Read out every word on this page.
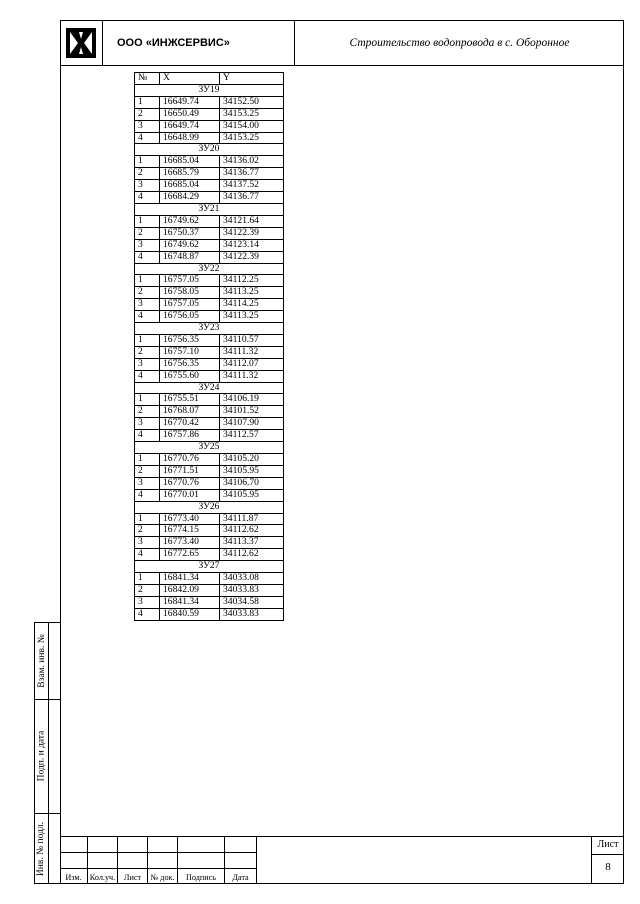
ООО «ИНЖСЕРВИС»	Строительство водопровода в с. Оборонное
№	X	Y
ЗУ19		
1	16649.74	34152.50
2	16650.49	34153.25
3	16649.74	34154.00
4	16648.99	34153.25
ЗУ20		
1	16685.04	34136.02
2	16685.79	34136.77
3	16685.04	34137.52
4	16684.29	34136.77
ЗУ21		
1	16749.62	34121.64
2	16750.37	34122.39
3	16749.62	34123.14
4	16748.87	34122.39
ЗУ22		
1	16757.05	34112.25
2	16758.05	34113.25
3	16757.05	34114.25
4	16756.05	34113.25
ЗУ23		
1	16756.35	34110.57
2	16757.10	34111.32
3	16756.35	34112.07
4	16755.60	34111.32
ЗУ24		
1	16755.51	34106.19
2	16768.07	34101.52
3	16770.42	34107.90
4	16757.86	34112.57
ЗУ25		
1	16770.76	34105.20
2	16771.51	34105.95
3	16770.76	34106.70
4	16770.01	34105.95
ЗУ26		
1	16773.40	34111.87
2	16774.15	34112.62
3	16773.40	34113.37
4	16772.65	34112.62
ЗУ27		
1	16841.34	34033.08
2	16842.09	34033.83
3	16841.34	34034.58
4	16840.59	34033.83
Взам. инв. №
Подп. и дата
Инв. № подл.
Изм. Кол.уч.	Лист	№ док.	Подпись	Дата
Лист
8
